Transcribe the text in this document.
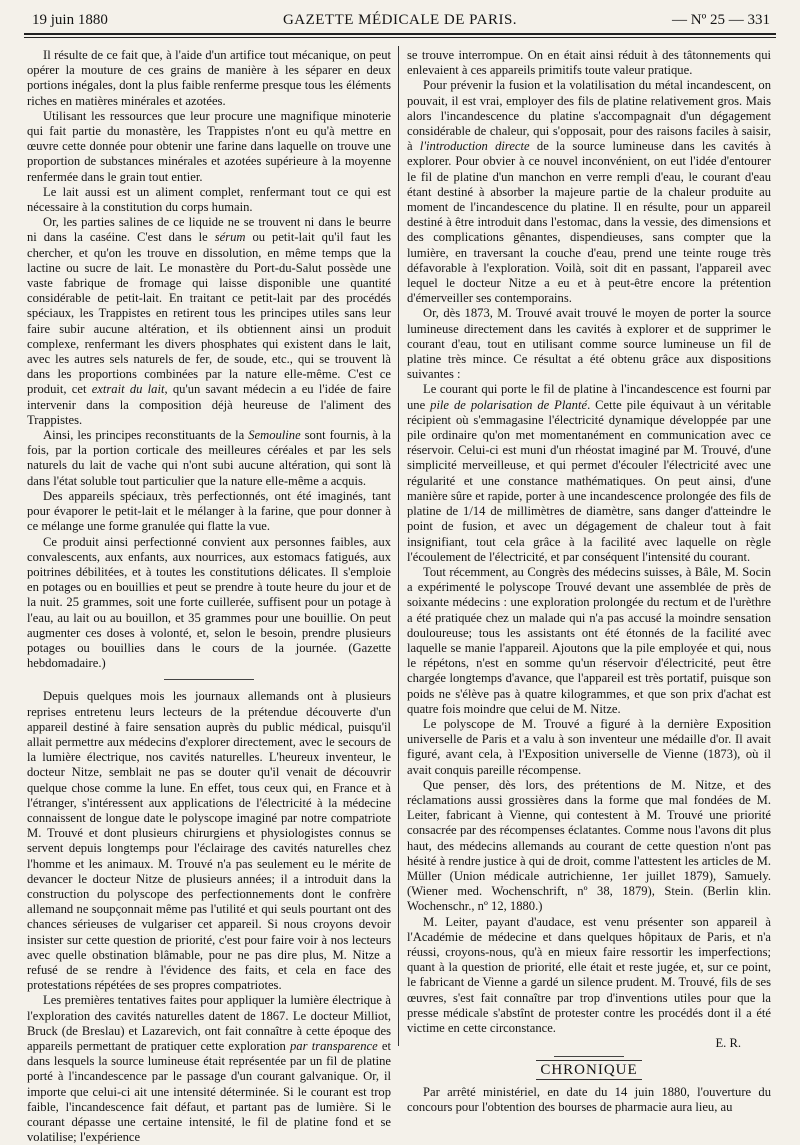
19 juin 1880	GAZETTE MÉDICALE DE PARIS.	— Nº 25 — 331

Il résulte de ce fait que, à l'aide d'un artifice tout mécanique, on peut opérer la mouture de ces grains de manière à les séparer en deux portions inégales, dont la plus faible renferme presque tous les éléments riches en matières minérales et azotées.

Utilisant les ressources que leur procure une magnifique minoterie qui fait partie du monastère, les Trappistes n'ont eu qu'à mettre en œuvre cette donnée pour obtenir une farine dans laquelle on trouve une proportion de substances minérales et azotées supérieure à la moyenne renfermée dans le grain tout entier.

Le lait aussi est un aliment complet, renfermant tout ce qui est nécessaire à la constitution du corps humain.

Or, les parties salines de ce liquide ne se trouvent ni dans le beurre ni dans la caséine. C'est dans le sérum ou petit-lait qu'il faut les chercher, et qu'on les trouve en dissolution, en même temps que la lactine ou sucre de lait. Le monastère du Port-du-Salut possède une vaste fabrique de fromage qui laisse disponible une quantité considérable de petit-lait. En traitant ce petit-lait par des procédés spéciaux, les Trappistes en retirent tous les principes utiles sans leur faire subir aucune altération, et ils obtiennent ainsi un produit complexe, renfermant les divers phosphates qui existent dans le lait, avec les autres sels naturels de fer, de soude, etc., qui se trouvent là dans les proportions combinées par la nature elle-même. C'est ce produit, cet extrait du lait, qu'un savant médecin a eu l'idée de faire intervenir dans la composition déjà heureuse de l'aliment des Trappistes.

Ainsi, les principes reconstituants de la Semouline sont fournis, à la fois, par la portion corticale des meilleures céréales et par les sels naturels du lait de vache qui n'ont subi aucune altération, qui sont là dans l'état soluble tout particulier que la nature elle-même a acquis.

Des appareils spéciaux, très perfectionnés, ont été imaginés, tant pour évaporer le petit-lait et le mélanger à la farine, que pour donner à ce mélange une forme granulée qui flatte la vue.

Ce produit ainsi perfectionné convient aux personnes faibles, aux convalescents, aux enfants, aux nourrices, aux estomacs fatigués, aux poitrines débilitées, et à toutes les constitutions délicates. Il s'emploie en potages ou en bouillies et peut se prendre à toute heure du jour et de la nuit. 25 grammes, soit une forte cuillerée, suffisent pour un potage à l'eau, au lait ou au bouillon, et 35 grammes pour une bouillie. On peut augmenter ces doses à volonté, et, selon le besoin, prendre plusieurs potages ou bouillies dans le cours de la journée. (Gazette hebdomadaire.)

Depuis quelques mois les journaux allemands ont à plusieurs reprises entretenu leurs lecteurs de la prétendue découverte d'un appareil destiné à faire sensation auprès du public médical, puisqu'il allait permettre aux médecins d'explorer directement, avec le secours de la lumière électrique, nos cavités naturelles. L'heureux inventeur, le docteur Nitze, semblait ne pas se douter qu'il venait de découvrir quelque chose comme la lune. En effet, tous ceux qui, en France et à l'étranger, s'intéressent aux applications de l'électricité à la médecine connaissent de longue date le polyscope imaginé par notre compatriote M. Trouvé et dont plusieurs chirurgiens et physiologistes connus se servent depuis longtemps pour l'éclairage des cavités naturelles chez l'homme et les animaux. M. Trouvé n'a pas seulement eu le mérite de devancer le docteur Nitze de plusieurs années; il a introduit dans la construction du polyscope des perfectionnements dont le confrère allemand ne soupçonnait même pas l'utilité et qui seuls pourtant ont des chances sérieuses de vulgariser cet appareil. Si nous croyons devoir insister sur cette question de priorité, c'est pour faire voir à nos lecteurs avec quelle obstination blâmable, pour ne pas dire plus, M. Nitze a refusé de se rendre à l'évidence des faits, et cela en face des protestations répétées de ses propres compatriotes.

Les premières tentatives faites pour appliquer la lumière électrique à l'exploration des cavités naturelles datent de 1867. Le docteur Milliot, Bruck (de Breslau) et Lazarevich, ont fait connaître à cette époque des appareils permettant de pratiquer cette exploration par transparence et dans lesquels la source lumineuse était représentée par un fil de platine porté à l'incandescence par le passage d'un courant galvanique. Or, il importe que celui-ci ait une intensité déterminée. Si le courant est trop faible, l'incandescence fait défaut, et partant pas de lumière. Si le courant dépasse une certaine intensité, le fil de platine fond et se volatilise; l'expérience

se trouve interrompue. On en était ainsi réduit à des tâtonnements qui enlevaient à ces appareils primitifs toute valeur pratique.

Pour prévenir la fusion et la volatilisation du métal incandescent, on pouvait, il est vrai, employer des fils de platine relativement gros. Mais alors l'incandescence du platine s'accompagnait d'un dégagement considérable de chaleur, qui s'opposait, pour des raisons faciles à saisir, à l'introduction directe de la source lumineuse dans les cavités à explorer. Pour obvier à ce nouvel inconvénient, on eut l'idée d'entourer le fil de platine d'un manchon en verre rempli d'eau, le courant d'eau étant destiné à absorber la majeure partie de la chaleur produite au moment de l'incandescence du platine. Il en résulte, pour un appareil destiné à être introduit dans l'estomac, dans la vessie, des dimensions et des complications gênantes, dispendieuses, sans compter que la lumière, en traversant la couche d'eau, prend une teinte rouge très défavorable à l'exploration. Voilà, soit dit en passant, l'appareil avec lequel le docteur Nitze a eu et à peut-être encore la prétention d'émerveiller ses contemporains.

Or, dès 1873, M. Trouvé avait trouvé le moyen de porter la source lumineuse directement dans les cavités à explorer et de supprimer le courant d'eau, tout en utilisant comme source lumineuse un fil de platine très mince. Ce résultat a été obtenu grâce aux dispositions suivantes :

Le courant qui porte le fil de platine à l'incandescence est fourni par une pile de polarisation de Planté. Cette pile équivaut à un véritable récipient où s'emmagasine l'électricité dynamique développée par une pile ordinaire qu'on met momentanément en communication avec ce réservoir. Celui-ci est muni d'un rhéostat imaginé par M. Trouvé, d'une simplicité merveilleuse, et qui permet d'écouler l'électricité avec une régularité et une constance mathématiques. On peut ainsi, d'une manière sûre et rapide, porter à une incandescence prolongée des fils de platine de 1/14 de millimètres de diamètre, sans danger d'atteindre le point de fusion, et avec un dégagement de chaleur tout à fait insignifiant, tout cela grâce à la facilité avec laquelle on règle l'écoulement de l'électricité, et par conséquent l'intensité du courant.

Tout récemment, au Congrès des médecins suisses, à Bâle, M. Socin a expérimenté le polyscope Trouvé devant une assemblée de près de soixante médecins : une exploration prolongée du rectum et de l'urèthre a été pratiquée chez un malade qui n'a pas accusé la moindre sensation douloureuse; tous les assistants ont été étonnés de la facilité avec laquelle se manie l'appareil. Ajoutons que la pile employée et qui, nous le répétons, n'est en somme qu'un réservoir d'électricité, peut être chargée longtemps d'avance, que l'appareil est très portatif, puisque son poids ne s'élève pas à quatre kilogrammes, et que son prix d'achat est quatre fois moindre que celui de M. Nitze.

Le polyscope de M. Trouvé a figuré à la dernière Exposition universelle de Paris et a valu à son inventeur une médaille d'or. Il avait figuré, avant cela, à l'Exposition universelle de Vienne (1873), où il avait conquis pareille récompense.

Que penser, dès lors, des prétentions de M. Nitze, et des réclamations aussi grossières dans la forme que mal fondées de M. Leiter, fabricant à Vienne, qui contestent à M. Trouvé une priorité consacrée par des récompenses éclatantes. Comme nous l'avons dit plus haut, des médecins allemands au courant de cette question n'ont pas hésité à rendre justice à qui de droit, comme l'attestent les articles de M. Müller (Union médicale autrichienne, 1er juillet 1879), Samuely. (Wiener med. Wochenschrift, nº 38, 1879), Stein. (Berlin klin. Wochenschr., nº 12, 1880.)

M. Leiter, payant d'audace, est venu présenter son appareil à l'Académie de médecine et dans quelques hôpitaux de Paris, et n'a réussi, croyons-nous, qu'à en mieux faire ressortir les imperfections; quant à la question de priorité, elle était et reste jugée, et, sur ce point, le fabricant de Vienne a gardé un silence prudent. M. Trouvé, fils de ses œuvres, s'est fait connaître par trop d'inventions utiles pour que la presse médicale s'abstînt de protester contre les procédés dont il a été victime en cette circonstance.

E. R.

CHRONIQUE

Par arrêté ministériel, en date du 14 juin 1880, l'ouverture du concours pour l'obtention des bourses de pharmacie aura lieu, au
